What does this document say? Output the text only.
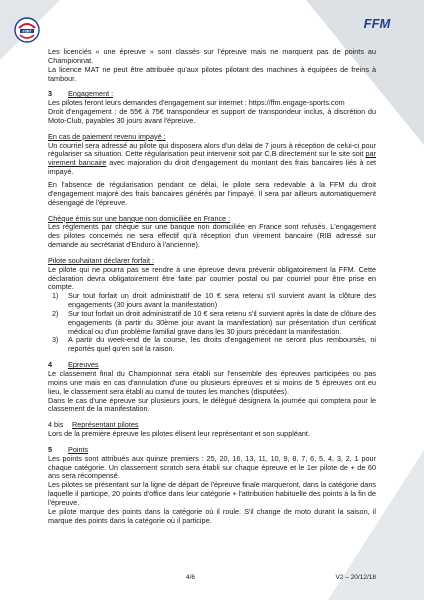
FSMT
FFM

Les licenciés « une épreuve » sont classés sur l'épreuve mais ne marquent pas de points au Championnat.

La licence MAT ne peut être attribuée qu'aux pilotes pilotant des machines à équipées de freins à tambour.

3	Engagement :

Les pilotes feront leurs demandes d'engagement sur internet : https://ffm.engage-sports.com

Droit d'engagement : de 55€ à 75€ transpondeur et support de transpondeur inclus, à discrétion du Moto-Club, payables 30 jours avant l'épreuve.

En cas de paiement revenu impayé :

Un courriel sera adressé au pilote qui disposera alors d'un délai de 7 jours à réception de celui-ci pour régulariser sa situation. Cette régularisation peut intervenir soit par C.B directement sur le site soit par virement bancaire avec majoration du droit d'engagement du montant des frais bancaires liés à cet impayé.

En l'absence de régularisation pendant ce délai, le pilote sera redevable à la FFM du droit d'engagement majoré des frais bancaires générés par l'impayé. Il sera par ailleurs automatiquement désengagé de l'épreuve.

Chèque émis sur une banque non domiciliée en France :

Les règlements par chèque sur une banque non domiciliée en France sont refusés. L'engagement des pilotes concernés ne sera effectif qu'à réception d'un virement bancaire (RIB adressé sur demande au secrétariat d'Enduro à l'ancienne).

Pilote souhaitant déclarer forfait :

Le pilote qui ne pourra pas se rendre à une épreuve devra prévenir obligatoirement la FFM. Cette déclaration devra obligatoirement être faite par courrier postal ou par courriel pour être prise en compte.

1)	Sur tout forfait un droit administratif de 10 € sera retenu s'il survient avant la clôture des engagements (30 jours avant la manifestation)
2)	Sur tout forfait un droit administratif de 10 € sera retenu s'il survient après la date de clôture des engagements (à partir du 30ème jour avant la manifestation) sur présentation d'un certificat médical ou d'un problème familial grave dans les 30 jours précédant la manifestation.
3)	A partir du week-end de la course, les droits d'engagement ne seront plus remboursés, ni reportés quel qu'en soit la raison.
4	Epreuves

Le classement final du Championnat sera établi sur l'ensemble des épreuves participées ou pas moins une mais en cas d'annulation d'une ou plusieurs épreuves et si moins de 5 épreuves ont eu lieu, le classement sera établi au cumul de toutes les manches (disputées).

Dans le cas d'une épreuve sur plusieurs jours, le délégué désignera la journée qui comptera pour le classement de la manifestation.

4 bis	Représentant pilotes

Lors de la première épreuve les pilotes élisent leur représentant et son suppléant.

5	Points

Les points sont attribués aux quinze premiers : 25, 20, 16, 13, 11, 10, 9, 8, 7, 6, 5, 4, 3, 2, 1 pour chaque catégorie. Un classement scratch sera établi sur chaque épreuve et le 1er pilote de + de 60 ans sera récompensé.

Les pilotes se présentant sur la ligne de départ de l'épreuve finale marqueront, dans la catégorie dans laquelle il participe, 20 points d'office dans leur catégorie + l'attribution habituelle des points à la fin de l'épreuve.

Le pilote marque des points dans la catégorie où il roule. S'il change de moto durant la saison, il marque des points dans la catégorie où il participe.

4/6	V2 – 20/12/18
